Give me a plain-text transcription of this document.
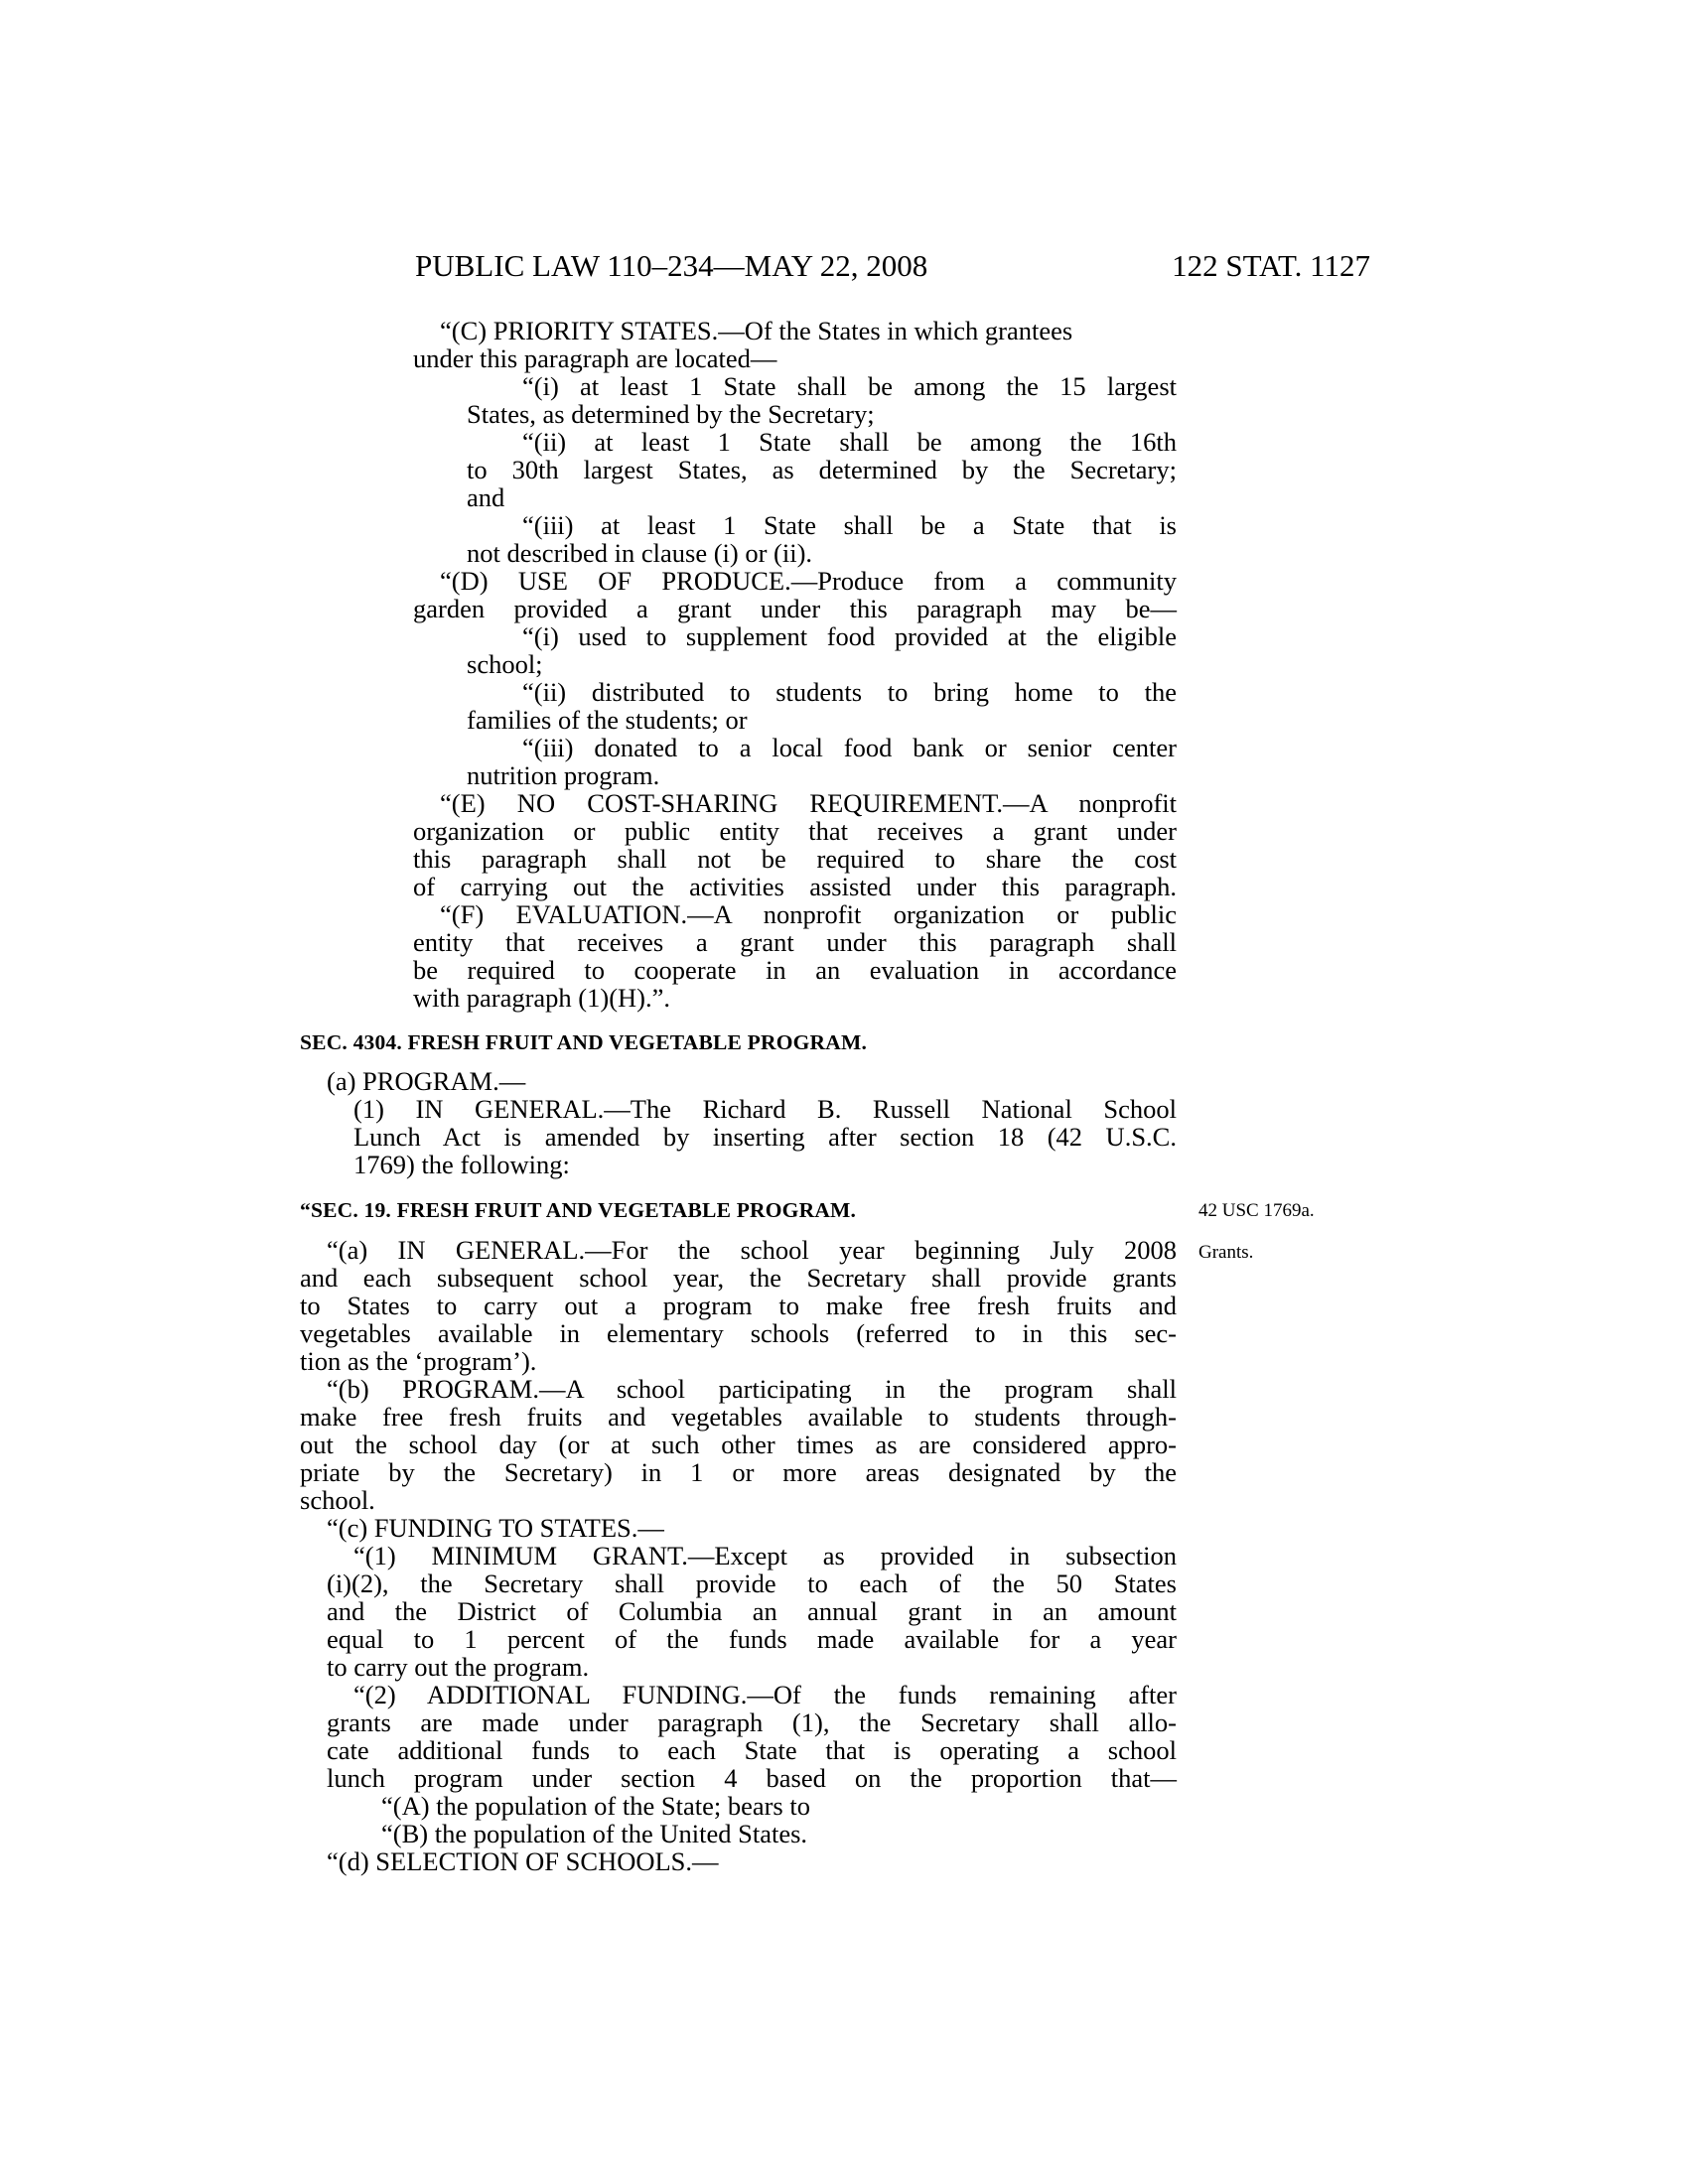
PUBLIC LAW 110–234—MAY 22, 2008	122 STAT. 1127
“(C) PRIORITY STATES.—Of the States in which grantees
under this paragraph are located—
“(i) at least 1 State shall be among the 15 largest
States, as determined by the Secretary;
“(ii) at least 1 State shall be among the 16th
to 30th largest States, as determined by the Secretary;
and
“(iii) at least 1 State shall be a State that is
not described in clause (i) or (ii).
“(D) USE OF PRODUCE.—Produce from a community
garden provided a grant under this paragraph may be—
“(i) used to supplement food provided at the eligible
school;
“(ii) distributed to students to bring home to the
families of the students; or
“(iii) donated to a local food bank or senior center
nutrition program.
“(E) NO COST-SHARING REQUIREMENT.—A nonprofit
organization or public entity that receives a grant under
this paragraph shall not be required to share the cost
of carrying out the activities assisted under this paragraph.
“(F) EVALUATION.—A nonprofit organization or public
entity that receives a grant under this paragraph shall
be required to cooperate in an evaluation in accordance
with paragraph (1)(H).”.
SEC. 4304. FRESH FRUIT AND VEGETABLE PROGRAM.
(a) PROGRAM.—
(1) IN GENERAL.—The Richard B. Russell National School
Lunch Act is amended by inserting after section 18 (42 U.S.C.
1769) the following:
“SEC. 19. FRESH FRUIT AND VEGETABLE PROGRAM.	42 USC 1769a.
Grants.
“(a) IN GENERAL.—For the school year beginning July 2008
and each subsequent school year, the Secretary shall provide grants
to States to carry out a program to make free fresh fruits and
vegetables available in elementary schools (referred to in this sec-
tion as the ‘program’).
“(b) PROGRAM.—A school participating in the program shall
make free fresh fruits and vegetables available to students through-
out the school day (or at such other times as are considered appro-
priate by the Secretary) in 1 or more areas designated by the
school.
“(c) FUNDING TO STATES.—
“(1) MINIMUM GRANT.—Except as provided in subsection
(i)(2), the Secretary shall provide to each of the 50 States
and the District of Columbia an annual grant in an amount
equal to 1 percent of the funds made available for a year
to carry out the program.
“(2) ADDITIONAL FUNDING.—Of the funds remaining after
grants are made under paragraph (1), the Secretary shall allo-
cate additional funds to each State that is operating a school
lunch program under section 4 based on the proportion that—
“(A) the population of the State; bears to
“(B) the population of the United States.
“(d) SELECTION OF SCHOOLS.—
